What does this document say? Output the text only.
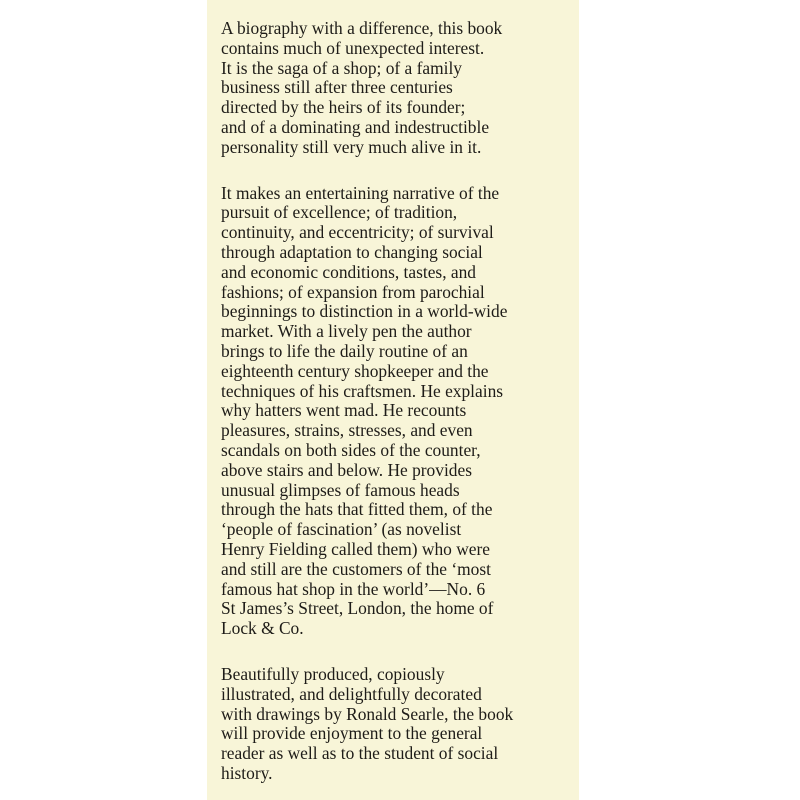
A biography with a difference, this book
contains much of unexpected interest.
It is the saga of a shop; of a family
business still after three centuries
directed by the heirs of its founder;
and of a dominating and indestructible
personality still very much alive in it.

It makes an entertaining narrative of the
pursuit of excellence; of tradition,
continuity, and eccentricity; of survival
through adaptation to changing social
and economic conditions, tastes, and
fashions; of expansion from parochial
beginnings to distinction in a world-wide
market. With a lively pen the author
brings to life the daily routine of an
eighteenth century shopkeeper and the
techniques of his craftsmen. He explains
why hatters went mad. He recounts
pleasures, strains, stresses, and even
scandals on both sides of the counter,
above stairs and below. He provides
unusual glimpses of famous heads
through the hats that fitted them, of the
‘people of fascination’ (as novelist
Henry Fielding called them) who were
and still are the customers of the ‘most
famous hat shop in the world’—No. 6
St James’s Street, London, the home of
Lock & Co.

Beautifully produced, copiously
illustrated, and delightfully decorated
with drawings by Ronald Searle, the book
will provide enjoyment to the general
reader as well as to the student of social
history.
